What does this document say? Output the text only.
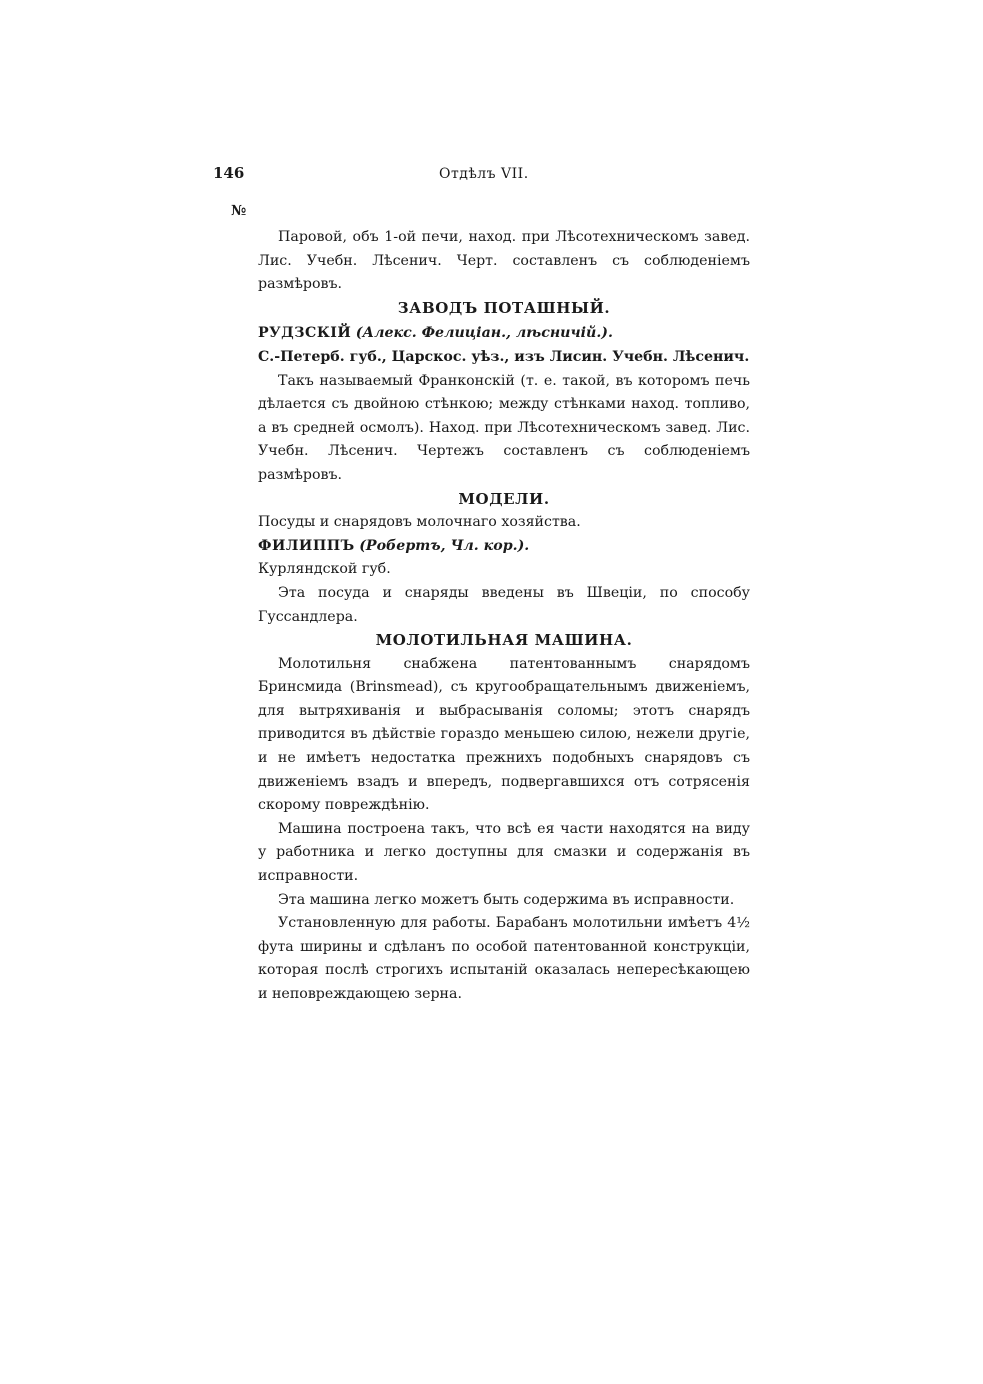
146	Отдѣлъ VII.
№

Паровой, объ 1-ой печи, наход. при Лѣсотехническомъ завед. Лис. Учебн. Лѣсенич. Черт. составленъ съ соблюденіемъ размѣровъ.

ЗАВОДЪ ПОТАШНЫЙ.

РУДЗСКІЙ (Алекс. Фелиціан., лѣсничій.).

С.-Петерб. губ., Царскос. уѣз., изъ Лисин. Учебн. Лѣсенич.

Такъ называемый Франконскій (т. е. такой, въ которомъ печь дѣлается съ двойною стѣнкою; между стѣнками наход. топливо, а въ средней осмолъ). Наход. при Лѣсотехническомъ завед. Лис. Учебн. Лѣсенич. Чертежъ составленъ съ соблюденіемъ размѣровъ.

МОДЕЛИ.

Посуды и снарядовъ молочнаго хозяйства.

ФИЛИППЪ (Робертъ, Чл. кор.).

Курляндской губ.

Эта посуда и снаряды введены въ Швеціи, по способу Гуссандлера.

МОЛОТИЛЬНАЯ МАШИНА.

Молотильня снабжена патентованнымъ снарядомъ Бринсмида (Brinsmead), съ кругообращательнымъ движеніемъ, для вытряхиванія и выбрасыванія соломы; этотъ снарядъ приводится въ дѣйствіе гораздо меньшею силою, нежели другіе, и не имѣетъ недостатка прежнихъ подобныхъ снарядовъ съ движеніемъ взадъ и впередъ, подвергавшихся отъ сотрясенія скорому повреждѣнію.

Машина построена такъ, что всѣ ея части находятся на виду у работника и легко доступны для смазки и содержанія въ исправности.

Эта машина легко можетъ быть содержима въ исправности.

Установленную для работы. Барабанъ молотильни имѣетъ 4½ фута ширины и сдѣланъ по особой патентованной конструкціи, которая послѣ строгихъ испытаній оказалась непересѣкающею и неповреждающею зерна.
